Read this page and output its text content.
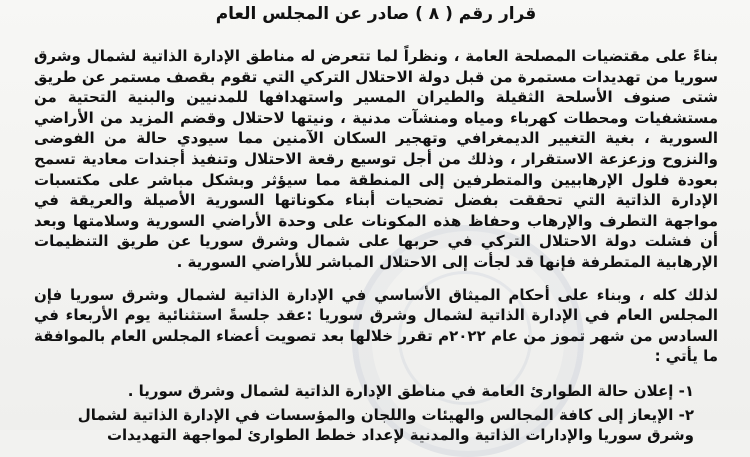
قرار رقم ( ٨ ) صادر عن المجلس العام

بناءً على مقتضيات المصلحة العامة ، ونظراً لما تتعرض له مناطق الإدارة الذاتية لشمال وشرق سوريا من تهديدات مستمرة من قبل دولة الاحتلال التركي التي تقوم بقصف مستمر عن طريق شتى صنوف الأسلحة الثقيلة والطيران المسير واستهدافها للمدنيين والبنية التحتية من مستشفيات ومحطات كهرباء ومياه ومنشآت مدنية ، ونيتها لاحتلال وقضم المزيد من الأراضي السورية ، بغية التغيير الديمغرافي وتهجير السكان الآمنين مما سيودي حالة من الفوضى والنزوح وزعزعة الاستقرار ، وذلك من أجل توسيع رقعة الاحتلال وتنفيذ أجندات معادية تسمح بعودة فلول الإرهابيين والمتطرفين إلى المنطقة مما سيؤثر وبشكل مباشر على مكتسبات الإدارة الذاتية التي تحققت بفضل تضحيات أبناء مكوناتها السورية الأصيلة والعريقة في مواجهة التطرف والإرهاب وحفاظ هذه المكونات على وحدة الأراضي السورية وسلامتها وبعد أن فشلت دولة الاحتلال التركي في حربها على شمال وشرق سوريا عن طريق التنظيمات الإرهابية المتطرفة فإنها قد لجأت إلى الاحتلال المباشر للأراضي السورية .

لذلك كله ، وبناء على أحكام الميثاق الأساسي في الإدارة الذاتية لشمال وشرق سوريا فإن المجلس العام في الإدارة الذاتية لشمال وشرق سوريا :عقد جلسةً استثنائية يوم الأربعاء في السادس من شهر تموز من عام ٢٠٢٢م تقرر خلالها بعد تصويت أعضاء المجلس العام بالموافقة ما يأتي :

١- إعلان حالة الطوارئ العامة في مناطق الإدارة الذاتية لشمال وشرق سوريا .

٢- الإيعاز إلى كافة المجالس والهيئات واللجان والمؤسسات في الإدارة الذاتية لشمال وشرق سوريا والإدارات الذاتية والمدنية لإعداد خطط الطوارئ لمواجهة التهديدات
